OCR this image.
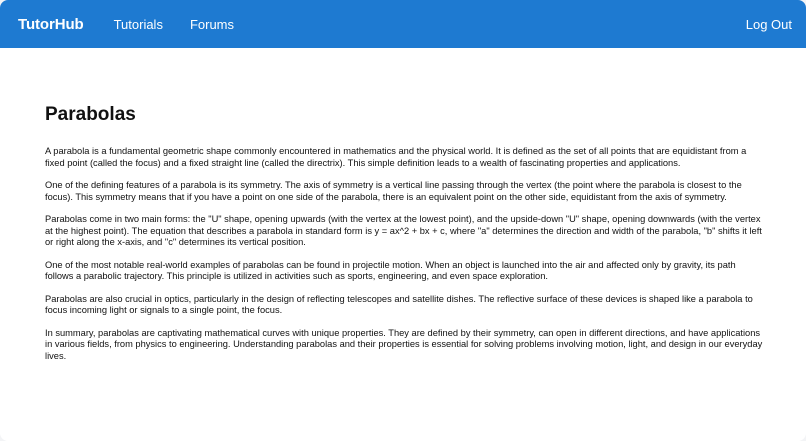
TutorHub Tutorials Forums	Log Out
Parabolas

A parabola is a fundamental geometric shape commonly encountered in mathematics and the physical world. It is defined as the set of all points that are equidistant from a fixed point (called the focus) and a fixed straight line (called the directrix). This simple definition leads to a wealth of fascinating properties and applications.

One of the defining features of a parabola is its symmetry. The axis of symmetry is a vertical line passing through the vertex (the point where the parabola is closest to the focus). This symmetry means that if you have a point on one side of the parabola, there is an equivalent point on the other side, equidistant from the axis of symmetry.

Parabolas come in two main forms: the "U" shape, opening upwards (with the vertex at the lowest point), and the upside-down "U" shape, opening downwards (with the vertex at the highest point). The equation that describes a parabola in standard form is y = ax^2 + bx + c, where "a" determines the direction and width of the parabola, "b" shifts it left or right along the x-axis, and "c" determines its vertical position.

One of the most notable real-world examples of parabolas can be found in projectile motion. When an object is launched into the air and affected only by gravity, its path follows a parabolic trajectory. This principle is utilized in activities such as sports, engineering, and even space exploration.

Parabolas are also crucial in optics, particularly in the design of reflecting telescopes and satellite dishes. The reflective surface of these devices is shaped like a parabola to focus incoming light or signals to a single point, the focus.

In summary, parabolas are captivating mathematical curves with unique properties. They are defined by their symmetry, can open in different directions, and have applications in various fields, from physics to engineering. Understanding parabolas and their properties is essential for solving problems involving motion, light, and design in our everyday lives.
